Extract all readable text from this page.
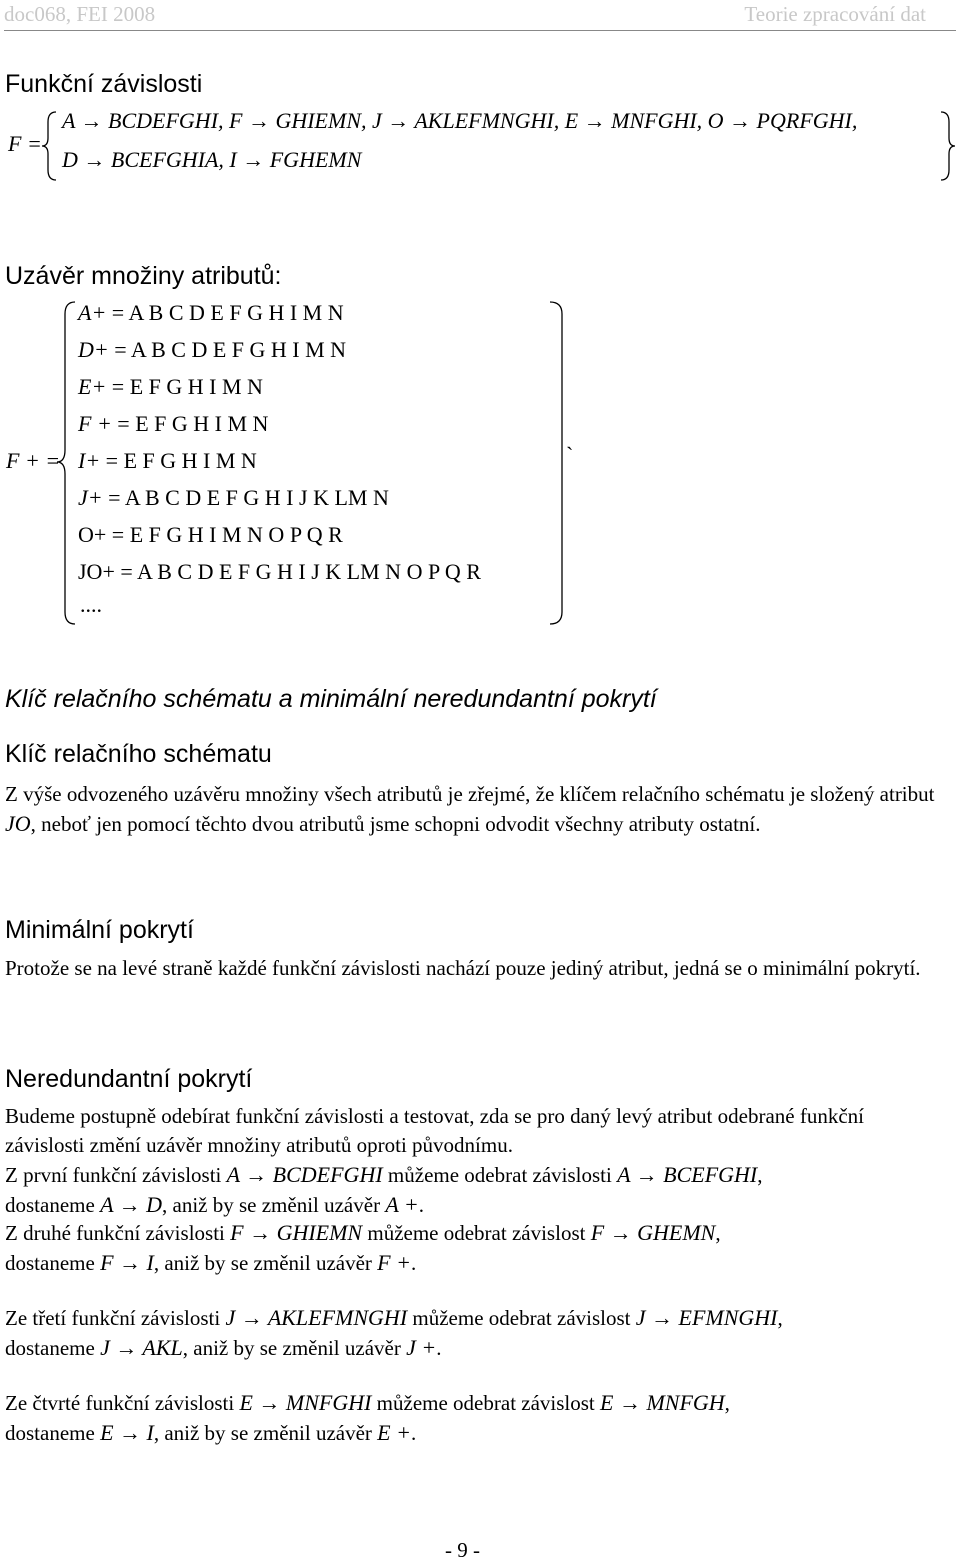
doc068, FEI 2008	Teorie zpracování dat
Funkční závislosti
F =
A → BCDEFGHI, F → GHIEMN, J → AKLEFMNGHI, E → MNFGHI, O → PQRFGHI,
D → BCEFGHIA, I → FGHEMN
Uzávěr množiny atributů:
F + =
A+ = A B C D E F G H I M N
D+ = A B C D E F G H I M N
E+ = E F G H I M N
F + = E F G H I M N
I+ = E F G H I M N
J+ = A B C D E F G H I J K LM N
O+ = E F G H I M N O P Q R
JO+ = A B C D E F G H I J K LM N O P Q R
....
`
Klíč relačního schématu a minimální neredundantní pokrytí
Klíč relačního schématu
Z výše odvozeného uzávěru množiny všech atributů je zřejmé, že klíčem relačního schématu je složený atribut JO, neboť jen pomocí těchto dvou atributů jsme schopni odvodit všechny atributy ostatní.
Minimální pokrytí
Protože se na levé straně každé funkční závislosti nachází pouze jediný atribut, jedná se o minimální pokrytí.
Neredundantní pokrytí
Budeme postupně odebírat funkční závislosti a testovat, zda se pro daný levý atribut odebrané funkční závislosti změní uzávěr množiny atributů oproti původnímu.
Z první funkční závislosti A → BCDEFGHI můžeme odebrat závislosti A → BCEFGHI,
dostaneme A → D, aniž by se změnil uzávěr A +.
Z druhé funkční závislosti F → GHIEMN můžeme odebrat závislost F → GHEMN,
dostaneme F → I, aniž by se změnil uzávěr F +.
Ze třetí funkční závislosti J → AKLEFMNGHI můžeme odebrat závislost J → EFMNGHI,
dostaneme J → AKL, aniž by se změnil uzávěr J +.
Ze čtvrté funkční závislosti E → MNFGHI můžeme odebrat závislost E → MNFGH,
dostaneme E → I, aniž by se změnil uzávěr E +.
- 9 -
